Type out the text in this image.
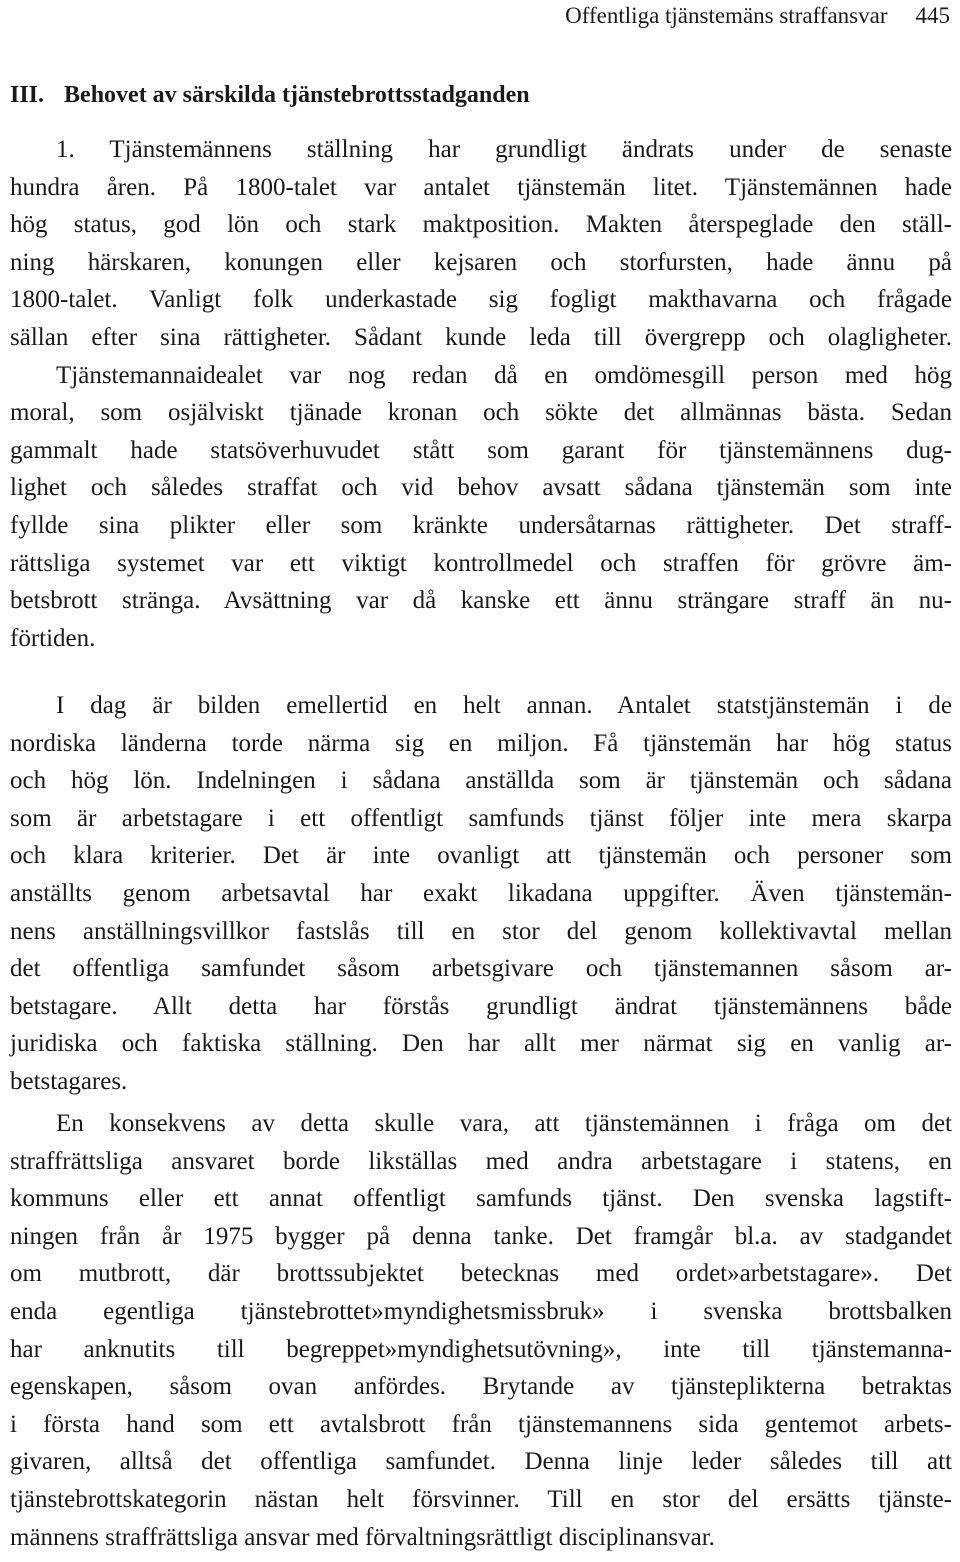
Offentliga tjänstemäns straffansvar 445
III. Behovet av särskilda tjänstebrottsstadganden
1. Tjänstemännens ställning har grundligt ändrats under de senaste
hundra åren. På 1800-talet var antalet tjänstemän litet. Tjänstemännen hade
hög status, god lön och stark maktposition. Makten återspeglade den ställ-
ning härskaren, konungen eller kejsaren och storfursten, hade ännu på
1800-talet. Vanligt folk underkastade sig fogligt makthavarna och frågade
sällan efter sina rättigheter. Sådant kunde leda till övergrepp och olagligheter.
Tjänstemannaidealet var nog redan då en omdömesgill person med hög
moral, som osjälviskt tjänade kronan och sökte det allmännas bästa. Sedan
gammalt hade statsöverhuvudet stått som garant för tjänstemännens dug-
lighet och således straffat och vid behov avsatt sådana tjänstemän som inte
fyllde sina plikter eller som kränkte undersåtarnas rättigheter. Det straff-
rättsliga systemet var ett viktigt kontrollmedel och straffen för grövre äm-
betsbrott stränga. Avsättning var då kanske ett ännu strängare straff än nu-
förtiden.
I dag är bilden emellertid en helt annan. Antalet statstjänstemän i de
nordiska länderna torde närma sig en miljon. Få tjänstemän har hög status
och hög lön. Indelningen i sådana anställda som är tjänstemän och sådana
som är arbetstagare i ett offentligt samfunds tjänst följer inte mera skarpa
och klara kriterier. Det är inte ovanligt att tjänstemän och personer som
anställts genom arbetsavtal har exakt likadana uppgifter. Även tjänstemän-
nens anställningsvillkor fastslås till en stor del genom kollektivavtal mellan
det offentliga samfundet såsom arbetsgivare och tjänstemannen såsom ar-
betstagare. Allt detta har förstås grundligt ändrat tjänstemännens både
juridiska och faktiska ställning. Den har allt mer närmat sig en vanlig ar-
betstagares.
En konsekvens av detta skulle vara, att tjänstemännen i fråga om det
straffrättsliga ansvaret borde likställas med andra arbetstagare i statens, en
kommuns eller ett annat offentligt samfunds tjänst. Den svenska lagstift-
ningen från år 1975 bygger på denna tanke. Det framgår bl.a. av stadgandet
om mutbrott, där brottssubjektet betecknas med ordet»arbetstagare». Det
enda egentliga tjänstebrottet»myndighetsmissbruk» i svenska brottsbalken
har anknutits till begreppet»myndighetsutövning», inte till tjänstemanna-
egenskapen, såsom ovan anfördes. Brytande av tjänsteplikterna betraktas
i första hand som ett avtalsbrott från tjänstemannens sida gentemot arbets-
givaren, alltså det offentliga samfundet. Denna linje leder således till att
tjänstebrottskategorin nästan helt försvinner. Till en stor del ersätts tjänste-
männens straffrättsliga ansvar med förvaltningsrättligt disciplinansvar.
